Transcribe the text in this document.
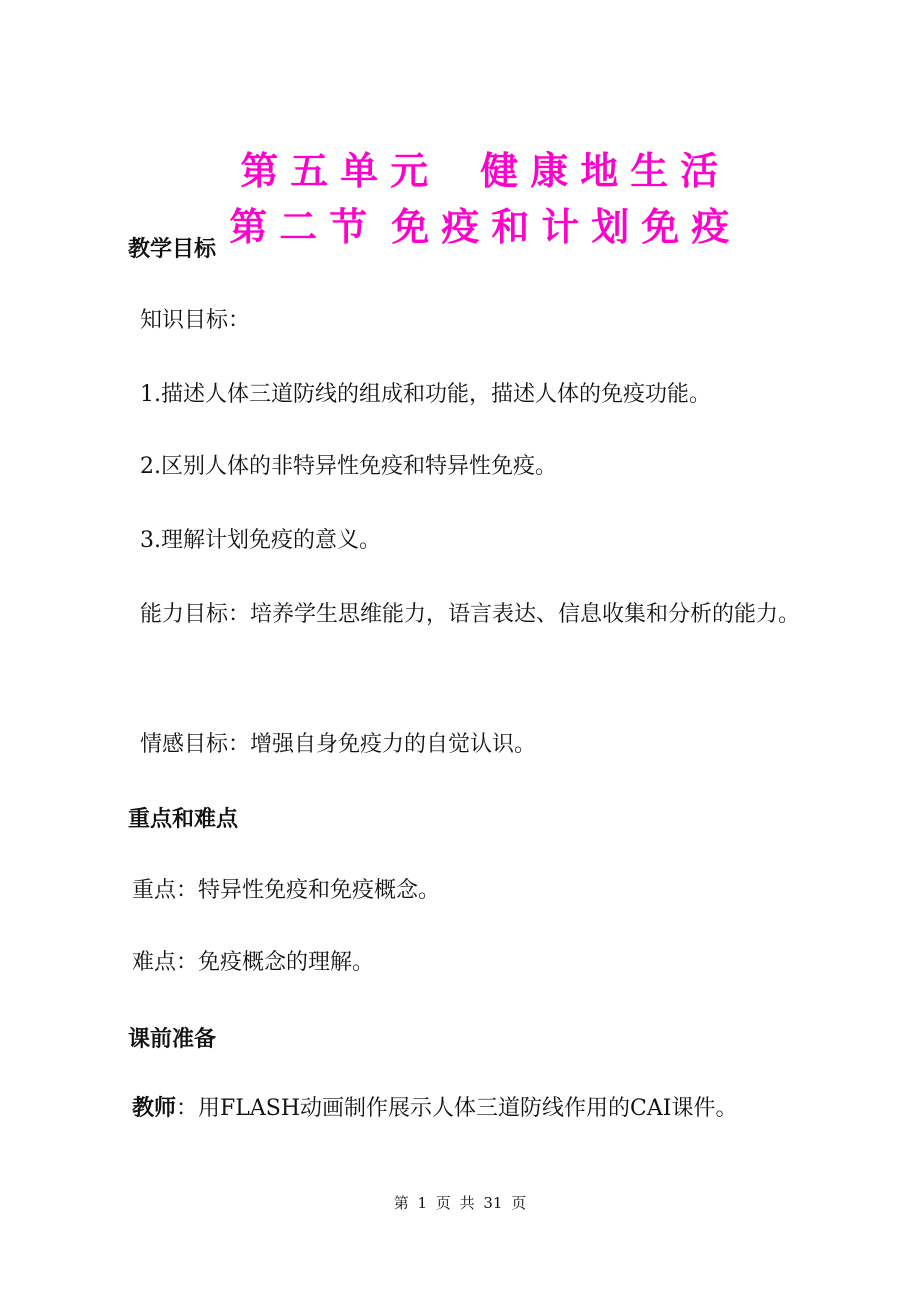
第五单元 健康地生活

第二节 免疫和计划免疫

教学目标
知识目标：
1.描述人体三道防线的组成和功能，描述人体的免疫功能。
2.区别人体的非特异性免疫和特异性免疫。
3.理解计划免疫的意义。
能力目标：培养学生思维能力，语言表达、信息收集和分析的能力。
情感目标：增强自身免疫力的自觉认识。
重点和难点
重点：特异性免疫和免疫概念。
难点：免疫概念的理解。
课前准备
教师：用FLASH动画制作展示人体三道防线作用的CAI课件。
第 1 页 共 31 页
